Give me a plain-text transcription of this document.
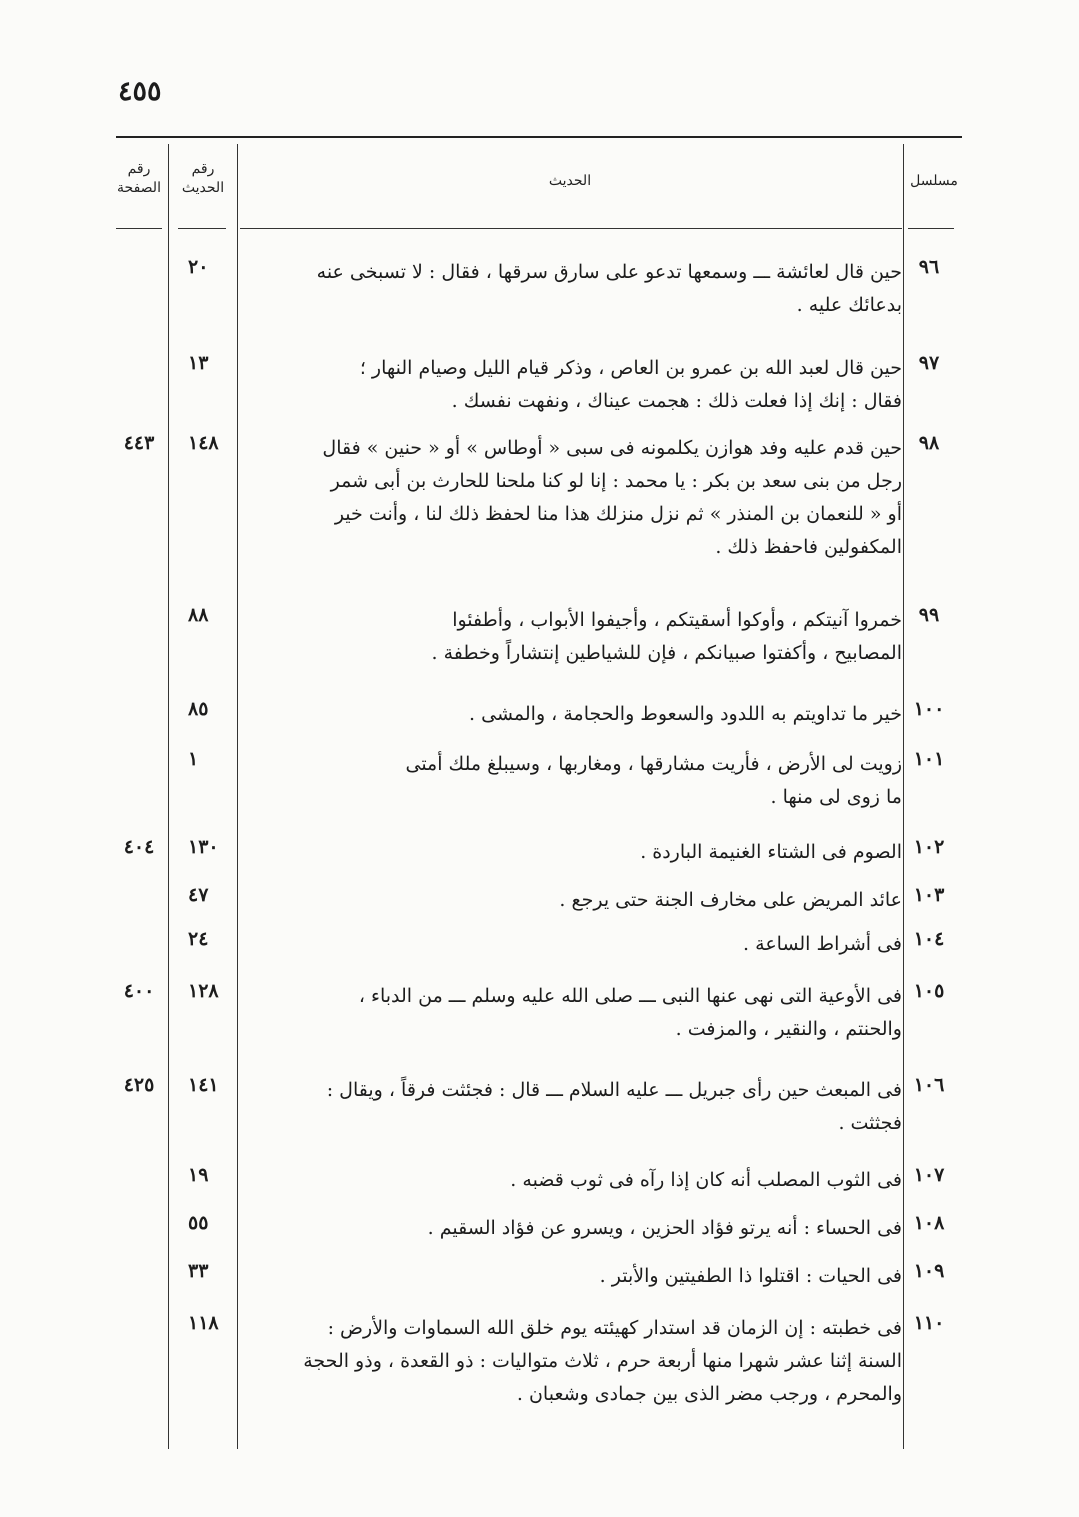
٤٥٥
مسلسل
الحديث
رقم
الحديث
رقم
الصفحة
٩٦
حين قال لعائشة ـــ وسمعها تدعو على سارق سرقها ، فقال : لا تسبخى عنه
بدعائك عليه .
٢٠
٩٧
حين قال لعبد الله بن عمرو بن العاص ، وذكر قيام الليل وصيام النهار ؛
فقال : إنك إذا فعلت ذلك : هجمت عيناك ، ونفهت نفسك .
١٣
٩٨
حين قدم عليه وفد هوازن يكلمونه فى سبى « أوطاس » أو « حنين » فقال
رجل من بنى سعد بن بكر : يا محمد : إنا لو كنا ملحنا للحارث بن أبى شمر
أو « للنعمان بن المنذر » ثم نزل منزلك هذا منا لحفظ ذلك لنا ، وأنت خير
المكفولين فاحفظ ذلك .
١٤٨
٤٤٣
٩٩
خمروا آنيتكم ، وأوكوا أسقيتكم ، وأجيفوا الأبواب ، وأطفئوا
المصابيح ، وأكفتوا صبيانكم ، فإن للشياطين إنتشاراً وخطفة .
٨٨
١٠٠
خير ما تداويتم به اللدود والسعوط والحجامة ، والمشى .
٨٥
١٠١
زويت لى الأرض ، فأريت مشارقها ، ومغاربها ، وسيبلغ ملك أمتى
ما زوى لى منها .
١
١٠٢
الصوم فى الشتاء الغنيمة الباردة .
١٣٠
٤٠٤
١٠٣
عائد المريض على مخارف الجنة حتى يرجع .
٤٧
١٠٤
فى أشراط الساعة .
٢٤
١٠٥
فى الأوعية التى نهى عنها النبى ـــ صلى الله عليه وسلم ـــ من الدباء ،
والحنتم ، والنقير ، والمزفت .
١٢٨
٤٠٠
١٠٦
فى المبعث حين رأى جبريل ـــ عليه السلام ـــ قال : فجئثت فرقاً ، ويقال :
فجثثت .
١٤١
٤٢٥
١٠٧
فى الثوب المصلب أنه كان إذا رآه فى ثوب قضبه .
١٩
١٠٨
فى الحساء : أنه يرتو فؤاد الحزين ، ويسرو عن فؤاد السقيم .
٥٥
١٠٩
فى الحيات : اقتلوا ذا الطفيتين والأبتر .
٣٣
١١٠
فى خطبته : إن الزمان قد استدار كهيئته يوم خلق الله السماوات والأرض :
السنة إثنا عشر شهرا منها أربعة حرم ، ثلاث متواليات : ذو القعدة ، وذو الحجة
والمحرم ، ورجب مضر الذى بين جمادى وشعبان .
١١٨
